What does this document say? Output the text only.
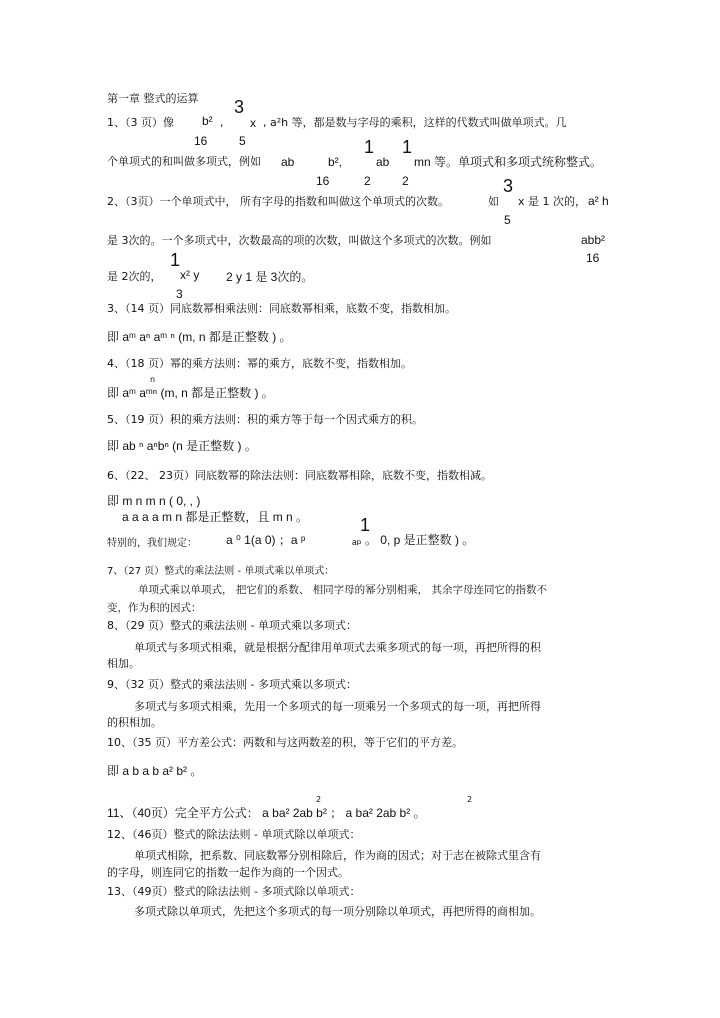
第一章 整式的运算
1、（3 页）像 b²
16
,
3
x
5
, a²h 等，都是数与字母的乘积，这样的代数式叫做单项式。几
个单项式的和叫做多项式，例如 ab	b²,
1
ab
1
mn 等。单项式和多项式统称整式。
16	2	2
2、（3页）一个单项式中， 所有字母的指数和叫做这个单项式的次数。	如
3
x 是 1 次的， a² h
5
是 3次的。一个多项式中，次数最高的项的次数，叫做这个多项式的次数。例如	abb²
16
是 2次的，
1
x² y 2 y 1 是 3次的。
3
3、（14 页）同底数幂相乘法则：同底数幂相乘，底数不变，指数相加。
即 aᵐ aⁿ aᵐ ⁿ (m, n 都是正整数 ) 。
4、（18 页）幂的乘方法则：幂的乘方，底数不变，指数相加。
n
即 aᵐ aᵐⁿ (m, n 都是正整数 ) 。
5、（19 页）积的乘方法则：积的乘方等于每一个因式乘方的积。
即 ab ⁿ aⁿbⁿ (n 是正整数 ) 。
6、（22、 23页）同底数幂的除法法则：同底数幂相除，底数不变，指数相减。
即 m n m n ( 0, , )
a a a a m n 都是正整数，且 m n 。
特别的，我们规定： a ⁰ 1(a 0) ；a ᵖ
1
ₐₚ 。 0, p 是正整数 ) 。
7、（27 页）整式的乘法法则 - 单项式乘以单项式：
单项式乘以单项式， 把它们的系数、 相同字母的幂分别相乘， 其余字母连同它的指数不
变，作为积的因式：
8、（29 页）整式的乘法法则 - 单项式乘以多项式：
单项式与多项式相乘，就是根据分配律用单项式去乘多项式的每一项，再把所得的积
相加。
9、（32 页）整式的乘法法则 - 多项式乘以多项式：
多项式与多项式相乘，先用一个多项式的每一项乘另一个多项式的每一项，再把所得
的积相加。
10、（35 页）平方差公式：两数和与这两数差的积，等于它们的平方差。
即 a b a b a² b² 。
2	2
11、（40页）完全平方公式： a ba² 2ab b² ； a ba² 2ab b² 。
12、（46页）整式的除法法则 - 单项式除以单项式：
单项式相除，把系数、同底数幂分别相除后，作为商的因式；对于志在被除式里含有
的字母，则连同它的指数一起作为商的一个因式。
13、（49页）整式的除法法则 - 多项式除以单项式：
多项式除以单项式，先把这个多项式的每一项分别除以单项式，再把所得的商相加。
